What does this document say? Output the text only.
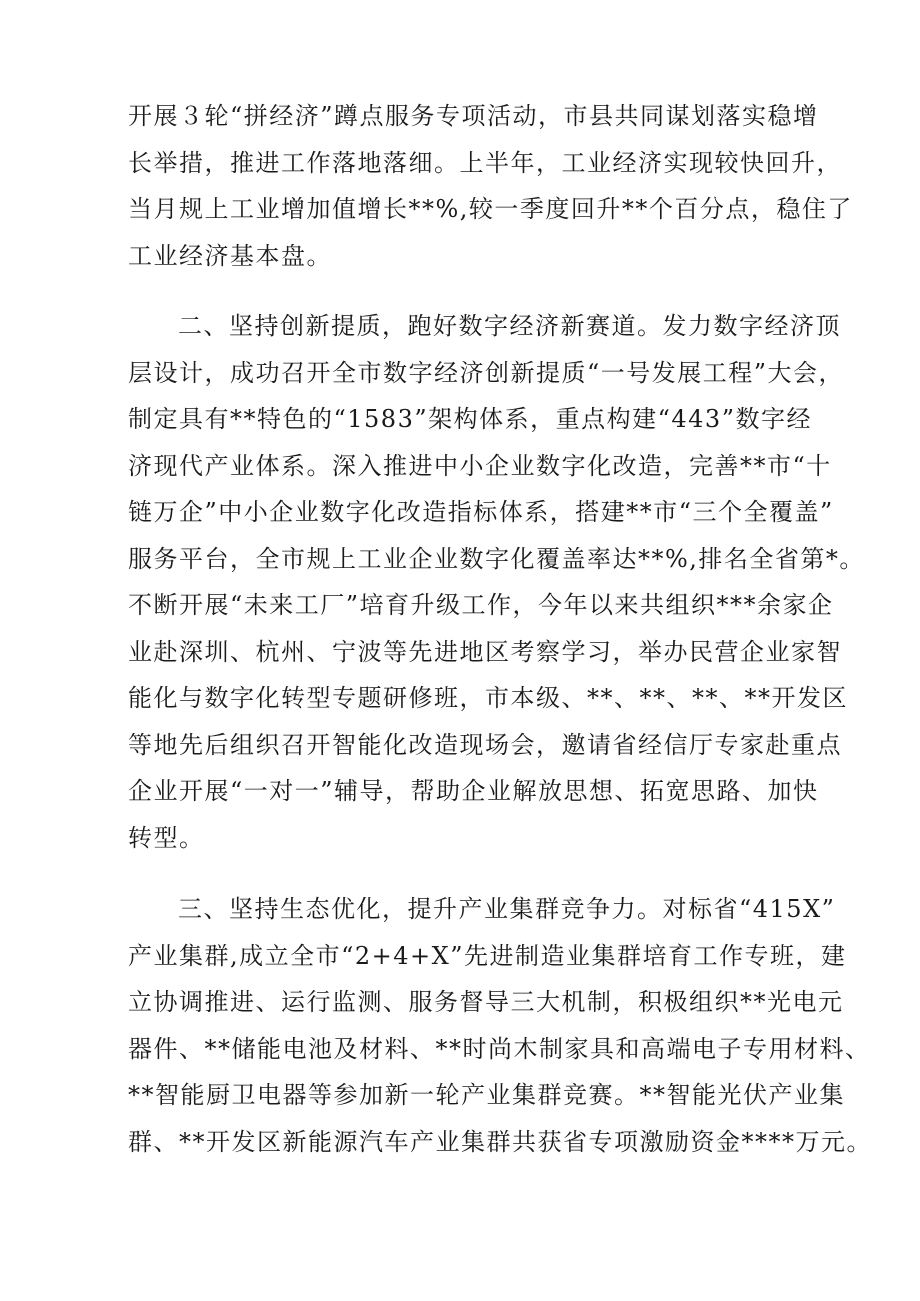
开展３轮“拼经济”蹲点服务专项活动，市县共同谋划落实稳增
长举措，推进工作落地落细。上半年，工业经济实现较快回升，
当月规上工业增加值增长**%,较一季度回升**个百分点，稳住了
工业经济基本盘。
二、坚持创新提质，跑好数字经济新赛道。发力数字经济顶
层设计，成功召开全市数字经济创新提质“一号发展工程”大会，
制定具有**特色的“1583”架构体系，重点构建“443”数字经
济现代产业体系。深入推进中小企业数字化改造，完善**市“十
链万企”中小企业数字化改造指标体系，搭建**市“三个全覆盖”
服务平台，全市规上工业企业数字化覆盖率达**%,排名全省第*。
不断开展“未来工厂”培育升级工作，今年以来共组织***余家企
业赴深圳、杭州、宁波等先进地区考察学习，举办民营企业家智
能化与数字化转型专题研修班，市本级、**、**、**、**开发区
等地先后组织召开智能化改造现场会，邀请省经信厅专家赴重点
企业开展“一对一”辅导，帮助企业解放思想、拓宽思路、加快
转型。
三、坚持生态优化，提升产业集群竞争力。对标省“415X”
产业集群,成立全市“2+4+X”先进制造业集群培育工作专班，建
立协调推进、运行监测、服务督导三大机制，积极组织**光电元
器件、**储能电池及材料、**时尚木制家具和高端电子专用材料、
**智能厨卫电器等参加新一轮产业集群竞赛。**智能光伏产业集
群、**开发区新能源汽车产业集群共获省专项激励资金****万元。
